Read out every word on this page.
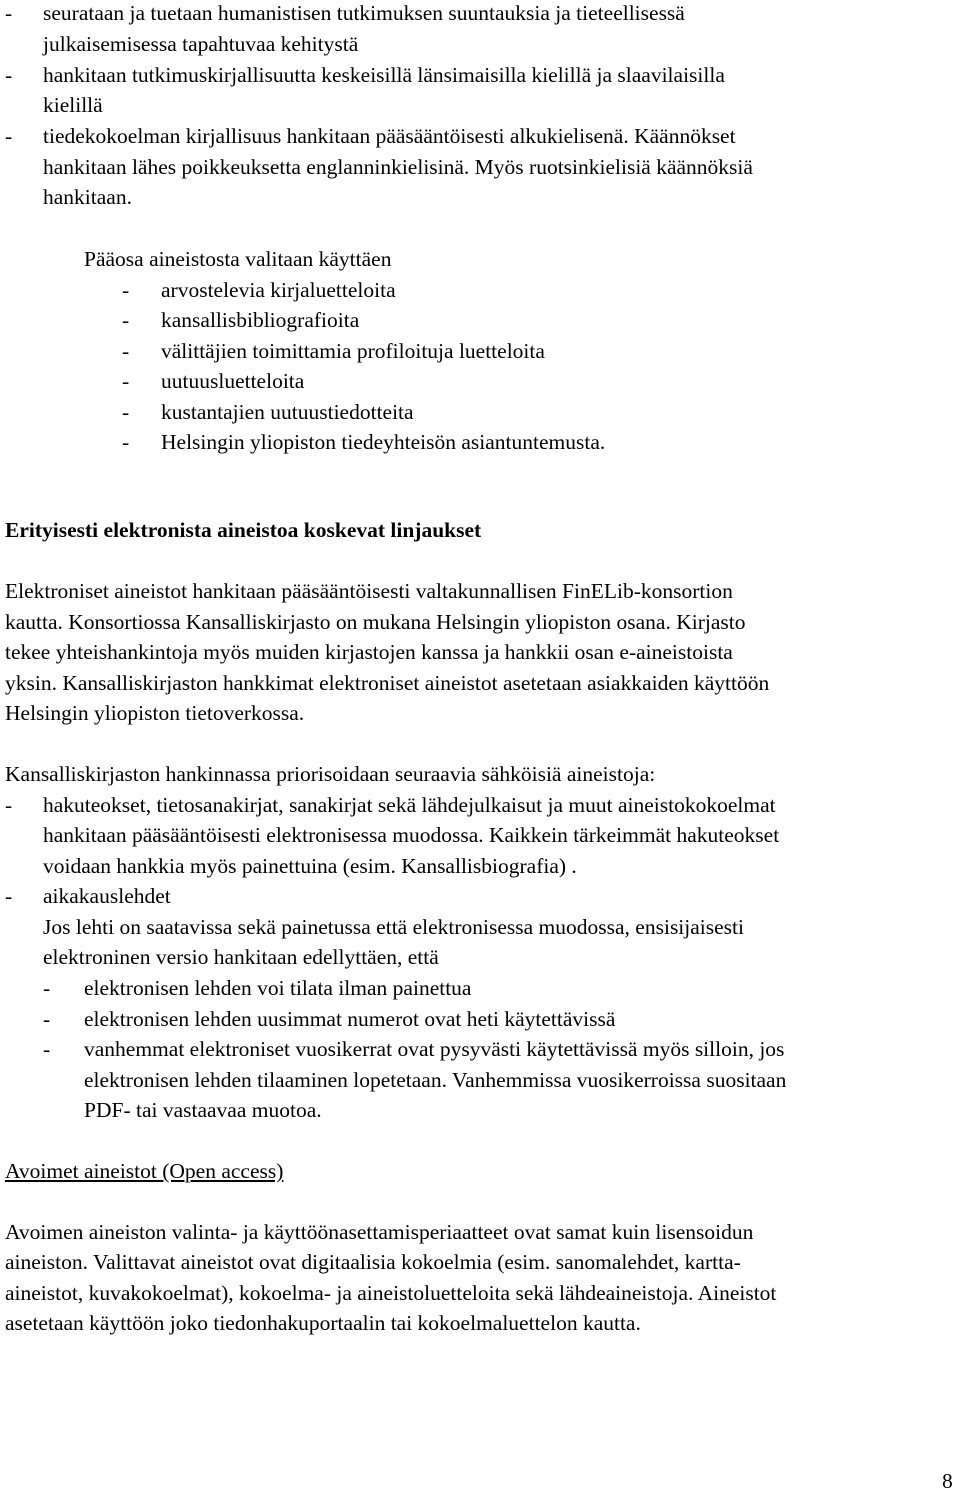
- seurataan ja tuetaan humanistisen tutkimuksen suuntauksia ja tieteellisessä
julkaisemisessa tapahtuvaa kehitystä
- hankitaan tutkimuskirjallisuutta keskeisillä länsimaisilla kielillä ja slaavilaisilla
kielillä
- tiedekokoelman kirjallisuus hankitaan pääsääntöisesti alkukielisenä. Käännökset
hankitaan lähes poikkeuksetta englanninkielisinä. Myös ruotsinkielisiä käännöksiä
hankitaan.
Pääosa aineistosta valitaan käyttäen
- arvostelevia kirjaluetteloita
- kansallisbibliografioita
- välittäjien toimittamia profiloituja luetteloita
- uutuusluetteloita
- kustantajien uutuustiedotteita
- Helsingin yliopiston tiedeyhteisön asiantuntemusta.
Erityisesti elektronista aineistoa koskevat linjaukset
Elektroniset aineistot hankitaan pääsääntöisesti valtakunnallisen FinELib-konsortion
kautta. Konsortiossa Kansalliskirjasto on mukana Helsingin yliopiston osana. Kirjasto
tekee yhteishankintoja myös muiden kirjastojen kanssa ja hankkii osan e-aineistoista
yksin. Kansalliskirjaston hankkimat elektroniset aineistot asetetaan asiakkaiden käyttöön
Helsingin yliopiston tietoverkossa.
Kansalliskirjaston hankinnassa priorisoidaan seuraavia sähköisiä aineistoja:
- hakuteokset, tietosanakirjat, sanakirjat sekä lähdejulkaisut ja muut aineistokokoelmat
hankitaan pääsääntöisesti elektronisessa muodossa. Kaikkein tärkeimmät hakuteokset
voidaan hankkia myös painettuina (esim. Kansallisbiografia) .
- aikakauslehdet
Jos lehti on saatavissa sekä painetussa että elektronisessa muodossa, ensisijaisesti
elektroninen versio hankitaan edellyttäen, että
- elektronisen lehden voi tilata ilman painettua
- elektronisen lehden uusimmat numerot ovat heti käytettävissä
- vanhemmat elektroniset vuosikerrat ovat pysyvästi käytettävissä myös silloin, jos
elektronisen lehden tilaaminen lopetetaan. Vanhemmissa vuosikerroissa suositaan
PDF- tai vastaavaa muotoa.
Avoimet aineistot (Open access)
Avoimen aineiston valinta- ja käyttöönasettamisperiaatteet ovat samat kuin lisensoidun
aineiston. Valittavat aineistot ovat digitaalisia kokoelmia (esim. sanomalehdet, kartta-
aineistot, kuvakokoelmat), kokoelma- ja aineistoluetteloita sekä lähdeaineistoja. Aineistot
asetetaan käyttöön joko tiedonhakuportaalin tai kokoelmaluettelon kautta.
8
